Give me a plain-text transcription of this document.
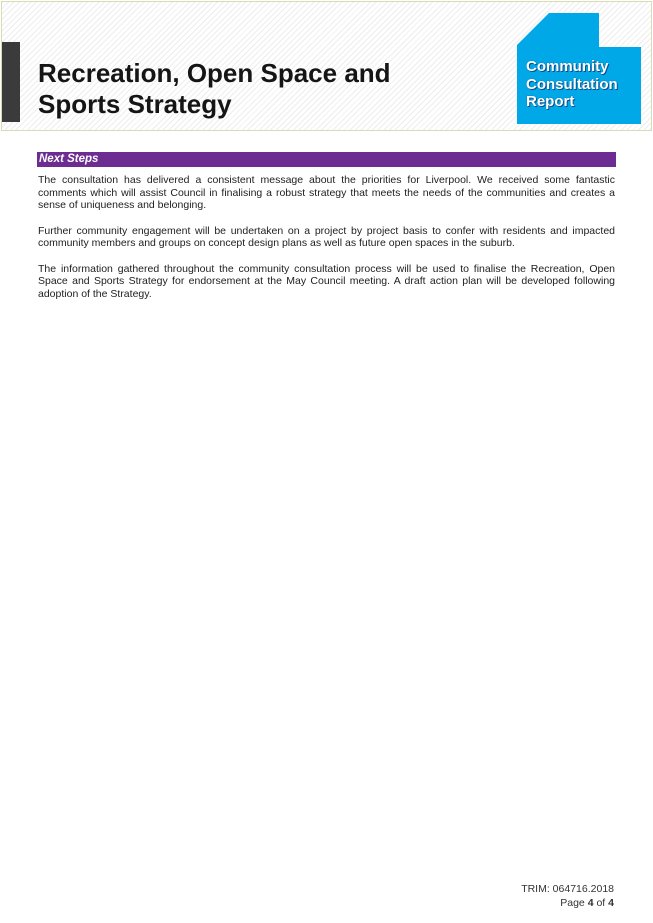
Recreation, Open Space and Sports Strategy
Community
Consultation
Report
Next Steps

The consultation has delivered a consistent message about the priorities for Liverpool. We received some fantastic comments which will assist Council in finalising a robust strategy that meets the needs of the communities and creates a sense of uniqueness and belonging.

Further community engagement will be undertaken on a project by project basis to confer with residents and impacted community members and groups on concept design plans as well as future open spaces in the suburb.

The information gathered throughout the community consultation process will be used to finalise the Recreation, Open Space and Sports Strategy for endorsement at the May Council meeting. A draft action plan will be developed following adoption of the Strategy.

TRIM: 064716.2018
Page 4 of 4
